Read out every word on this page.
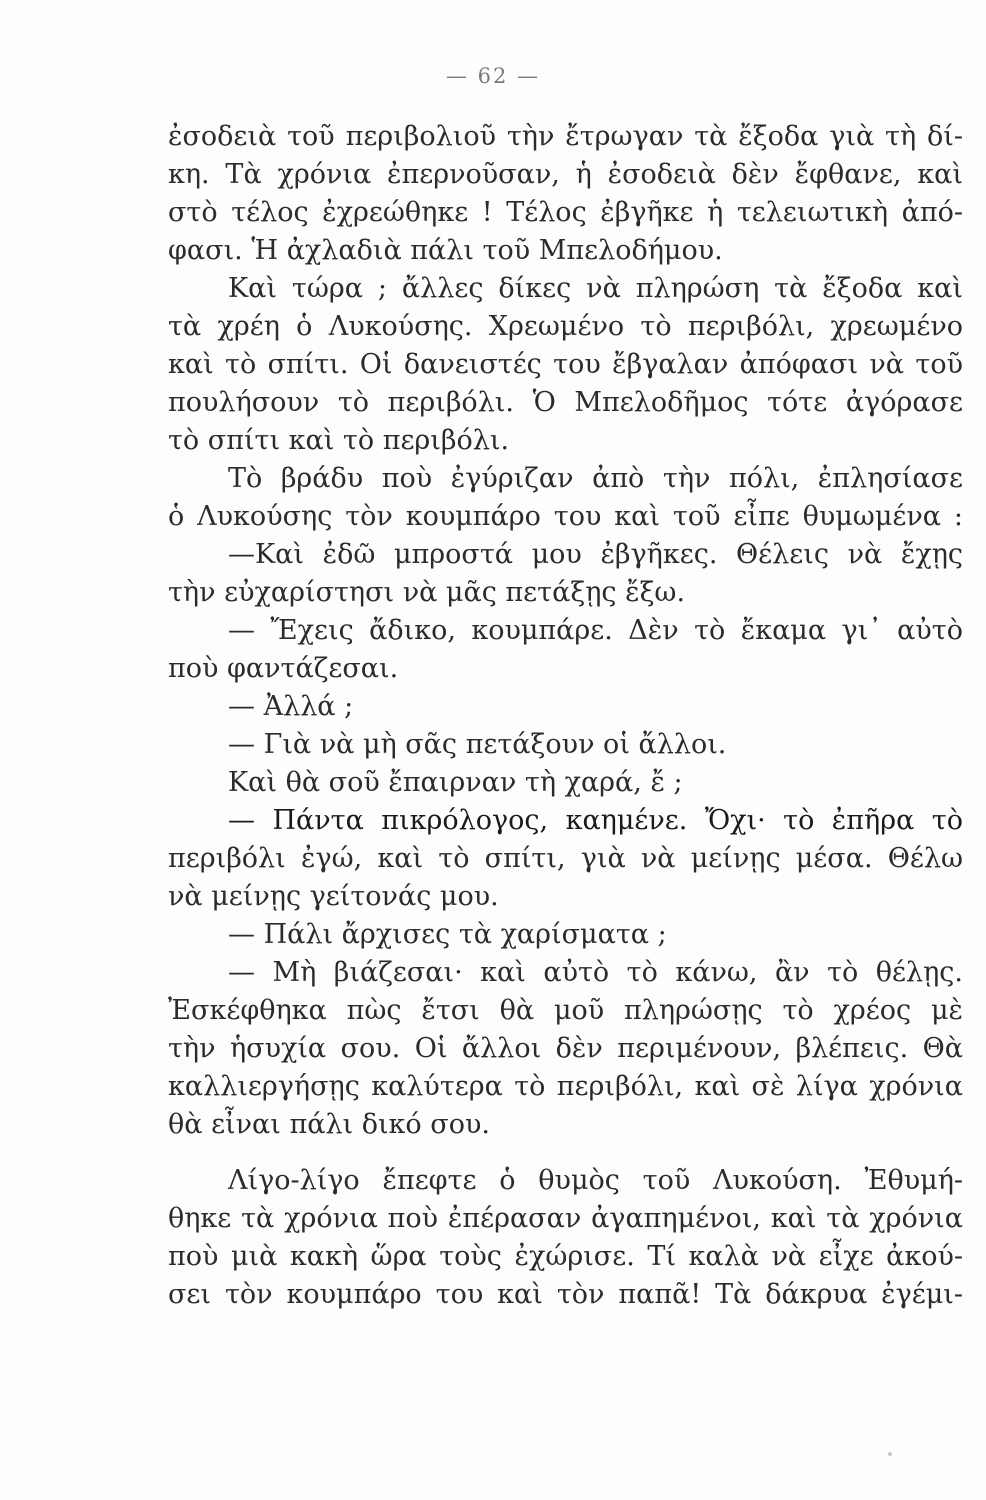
— 62 —
ἐσοδειὰ τοῦ περιβολιοῦ τὴν ἔτρωγαν τὰ ἔξοδα γιὰ τὴ δί-
κη. Τὰ χρόνια ἐπερνοῦσαν, ἡ ἐσοδειὰ δὲν ἔφθανε, καὶ
στὸ τέλος ἐχρεώθηκε ! Τέλος ἐβγῆκε ἡ τελειωτικὴ ἀπό-
φασι. Ἡ ἀχλαδιὰ πάλι τοῦ Μπελοδήμου.
Καὶ τώρα ; ἄλλες δίκες νὰ πληρώση τὰ ἔξοδα καὶ
τὰ χρέη ὁ Λυκούσης. Χρεωμένο τὸ περιβόλι, χρεωμένο
καὶ τὸ σπίτι. Οἱ δανειστές του ἔβγαλαν ἀπόφασι νὰ τοῦ
πουλήσουν τὸ περιβόλι. Ὁ Μπελοδῆμος τότε ἀγόρασε
τὸ σπίτι καὶ τὸ περιβόλι.
Τὸ βράδυ ποὺ ἐγύριζαν ἀπὸ τὴν πόλι, ἐπλησίασε
ὁ Λυκούσης τὸν κουμπάρο του καὶ τοῦ εἶπε θυμωμένα :
—Καὶ ἐδῶ μπροστά μου ἐβγῆκες. Θέλεις νὰ ἔχῃς
τὴν εὐχαρίστησι νὰ μᾶς πετάξῃς ἔξω.
— Ἔχεις ἄδικο, κουμπάρε. Δὲν τὸ ἔκαμα γι᾽ αὐτὸ
ποὺ φαντάζεσαι.
— Ἀλλά ;
— Γιὰ νὰ μὴ σᾶς πετάξουν οἱ ἄλλοι.
Καὶ θὰ σοῦ ἔπαιρναν τὴ χαρά, ἔ ;
— Πάντα πικρόλογος, καημένε. Ὄχι· τὸ ἐπῆρα τὸ
περιβόλι ἐγώ, καὶ τὸ σπίτι, γιὰ νὰ μείνῃς μέσα. Θέλω
νὰ μείνῃς γείτονάς μου.
— Πάλι ἄρχισες τὰ χαρίσματα ;
— Μὴ βιάζεσαι· καὶ αὐτὸ τὸ κάνω, ἂν τὸ θέλῃς.
Ἐσκέφθηκα πὼς ἔτσι θὰ μοῦ πληρώσῃς τὸ χρέος μὲ
τὴν ἡσυχία σου. Οἱ ἄλλοι δὲν περιμένουν, βλέπεις. Θὰ
καλλιεργήσῃς καλύτερα τὸ περιβόλι, καὶ σὲ λίγα χρόνια
θὰ εἶναι πάλι δικό σου.
Λίγο-λίγο ἔπεφτε ὁ θυμὸς τοῦ Λυκούση. Ἐθυμή-
θηκε τὰ χρόνια ποὺ ἐπέρασαν ἀγαπημένοι, καὶ τὰ χρόνια
ποὺ μιὰ κακὴ ὥρα τοὺς ἐχώρισε. Τί καλὰ νὰ εἶχε ἀκού-
σει τὸν κουμπάρο του καὶ τὸν παπᾶ! Τὰ δάκρυα ἐγέμι-
